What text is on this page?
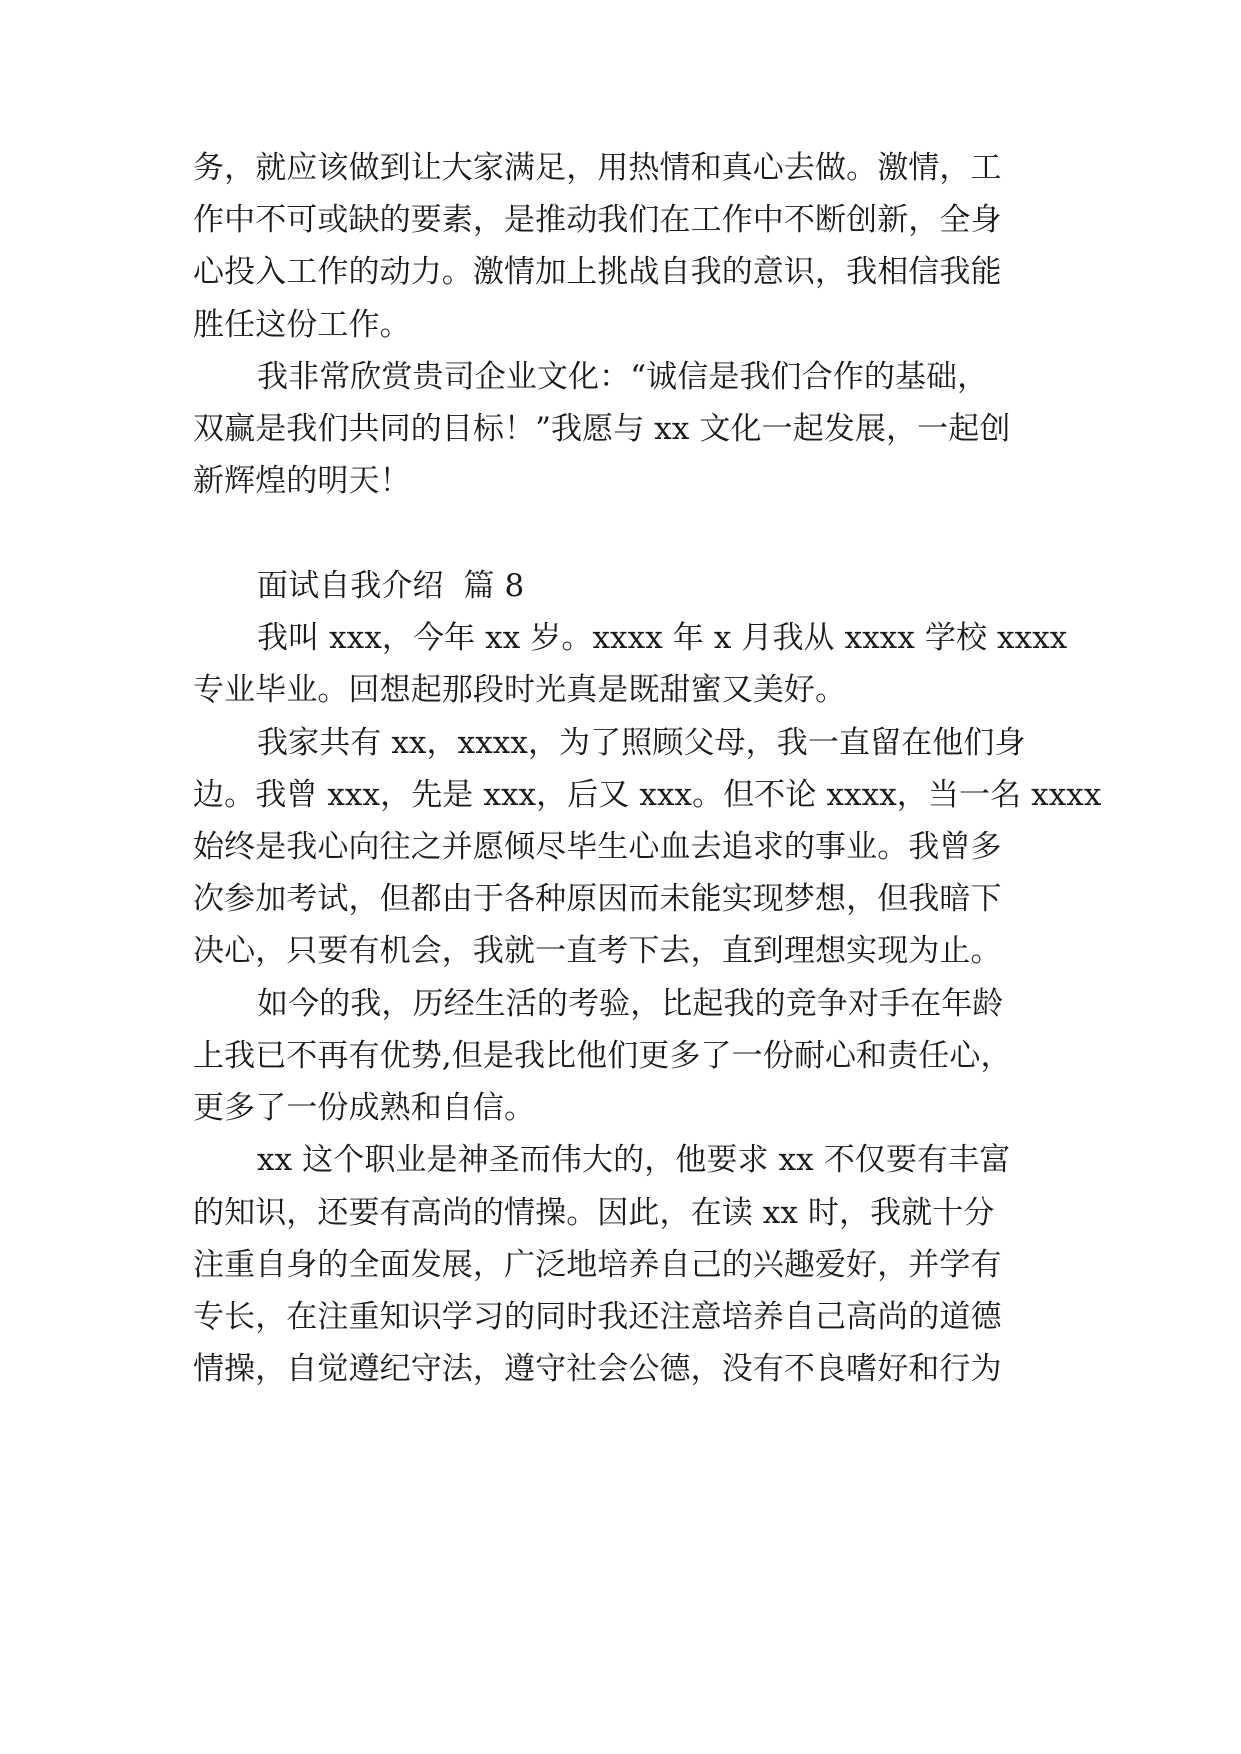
务，就应该做到让大家满足，用热情和真心去做。激情，工
作中不可或缺的要素，是推动我们在工作中不断创新，全身
心投入工作的动力。激情加上挑战自我的意识，我相信我能
胜任这份工作。
我非常欣赏贵司企业文化：“诚信是我们合作的基础，
双赢是我们共同的目标！”我愿与 xx 文化一起发展，一起创
新辉煌的明天！
面试自我介绍  篇 8
我叫 xxx，今年 xx 岁。xxxx 年 x 月我从 xxxx 学校 xxxx
专业毕业。回想起那段时光真是既甜蜜又美好。
我家共有 xx，xxxx，为了照顾父母，我一直留在他们身
边。我曾 xxx，先是 xxx，后又 xxx。但不论 xxxx，当一名 xxxx
始终是我心向往之并愿倾尽毕生心血去追求的事业。我曾多
次参加考试，但都由于各种原因而未能实现梦想，但我暗下
决心，只要有机会，我就一直考下去，直到理想实现为止。
如今的我，历经生活的考验，比起我的竞争对手在年龄
上我已不再有优势,但是我比他们更多了一份耐心和责任心，
更多了一份成熟和自信。
xx 这个职业是神圣而伟大的，他要求 xx 不仅要有丰富
的知识，还要有高尚的情操。因此，在读 xx 时，我就十分
注重自身的全面发展，广泛地培养自己的兴趣爱好，并学有
专长，在注重知识学习的同时我还注意培养自己高尚的道德
情操，自觉遵纪守法，遵守社会公德，没有不良嗜好和行为
